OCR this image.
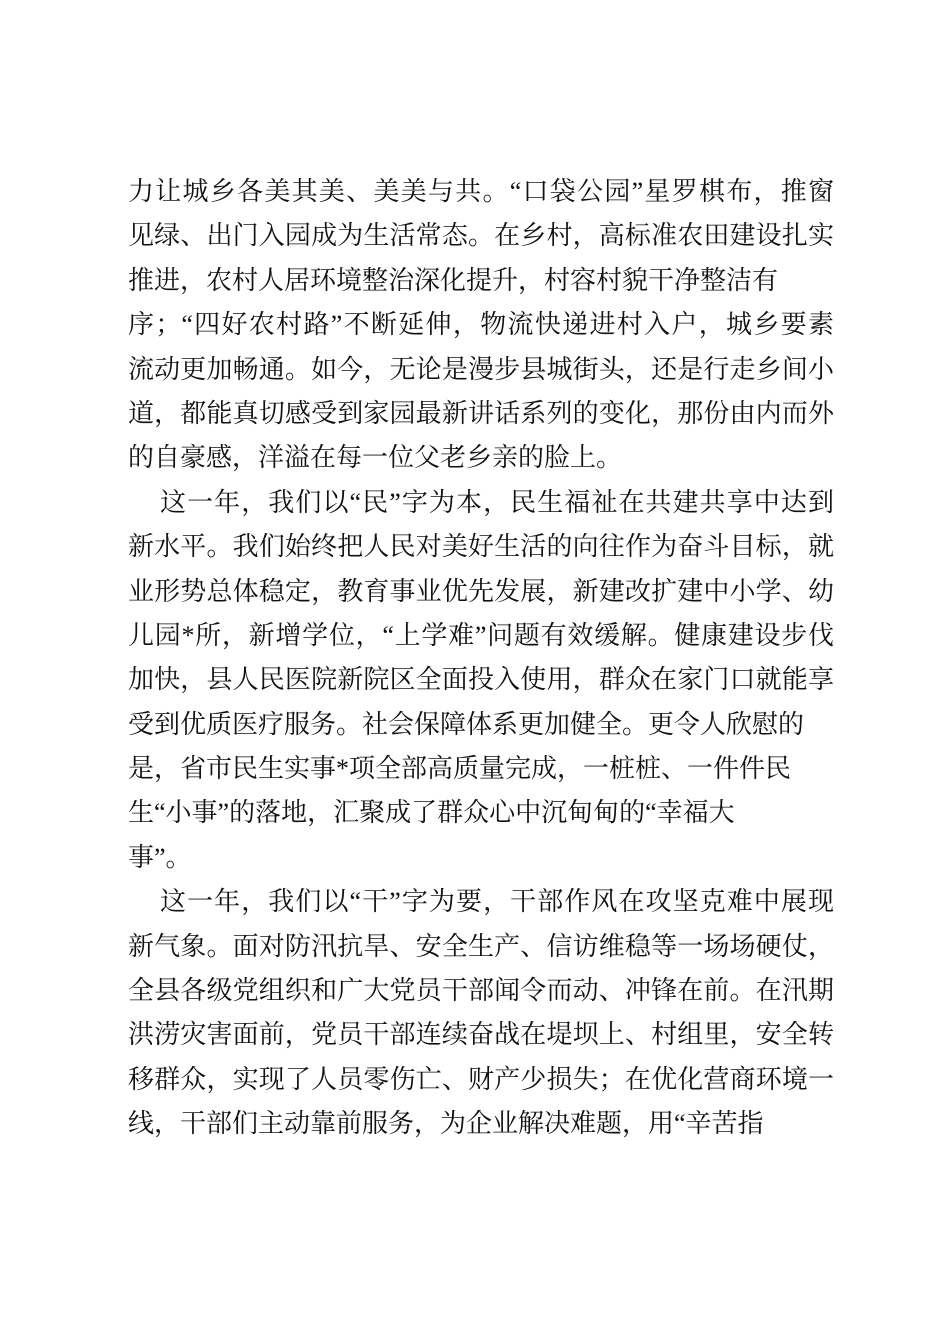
力让城乡各美其美、美美与共。“口袋公园”星罗棋布，推窗
见绿、出门入园成为生活常态。在乡村，高标准农田建设扎实
推进，农村人居环境整治深化提升，村容村貌干净整洁有
序；“四好农村路”不断延伸，物流快递进村入户，城乡要素
流动更加畅通。如今，无论是漫步县城街头，还是行走乡间小
道，都能真切感受到家园最新讲话系列的变化，那份由内而外
的自豪感，洋溢在每一位父老乡亲的脸上。
这一年，我们以“民”字为本，民生福祉在共建共享中达到
新水平。我们始终把人民对美好生活的向往作为奋斗目标，就
业形势总体稳定，教育事业优先发展，新建改扩建中小学、幼
儿园*所，新增学位，“上学难”问题有效缓解。健康建设步伐
加快，县人民医院新院区全面投入使用，群众在家门口就能享
受到优质医疗服务。社会保障体系更加健全。更令人欣慰的
是，省市民生实事*项全部高质量完成，一桩桩、一件件民
生“小事”的落地，汇聚成了群众心中沉甸甸的“幸福大
事”。
这一年，我们以“干”字为要，干部作风在攻坚克难中展现
新气象。面对防汛抗旱、安全生产、信访维稳等一场场硬仗，
全县各级党组织和广大党员干部闻令而动、冲锋在前。在汛期
洪涝灾害面前，党员干部连续奋战在堤坝上、村组里，安全转
移群众，实现了人员零伤亡、财产少损失；在优化营商环境一
线，干部们主动靠前服务，为企业解决难题，用“辛苦指
